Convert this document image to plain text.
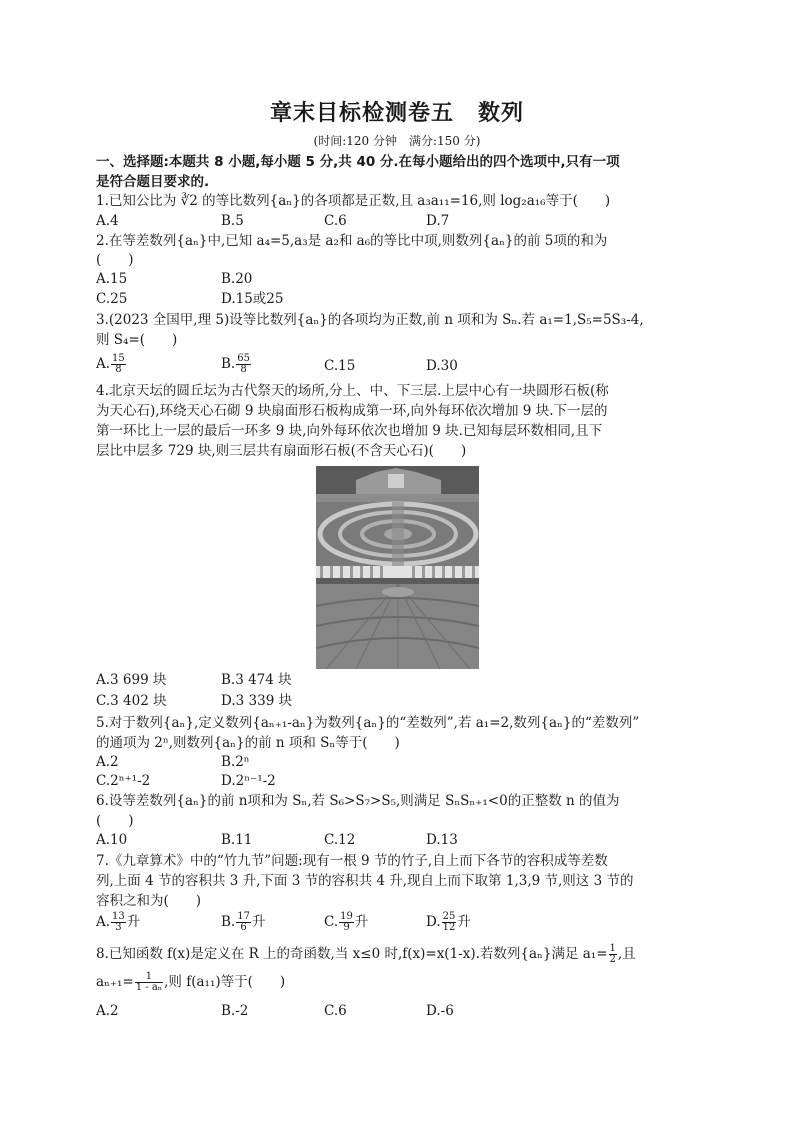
章末目标检测卷五 数列
(时间:120 分钟　满分:150 分)
一、选择题:本题共 8 小题,每小题 5 分,共 40 分.在每小题给出的四个选项中,只有一项
是符合题目要求的.
1.已知公比为 ∛2 的等比数列{aₙ}的各项都是正数,且 a₃a₁₁=16,则 log₂a₁₆等于(　　)
A.4	B.5	C.6	D.7
2.在等差数列{aₙ}中,已知 a₄=5,a₃是 a₂和 a₆的等比中项,则数列{aₙ}的前 5项的和为
(　　)
A.15	B.20
C.25	D.15或25
3.(2023 全国甲,理 5)设等比数列{aₙ}的各项均为正数,前 n 项和为 Sₙ.若 a₁=1,S₅=5S₃-4,
则 S₄=(　　)
A. $\frac{15}{8}$	B. $\frac{65}{8}$	C.15	D.30
4.北京天坛的圆丘坛为古代祭天的场所,分上、中、下三层.上层中心有一块圆形石板(称
为天心石),环绕天心石砌 9 块扇面形石板构成第一环,向外每环依次增加 9 块.下一层的
第一环比上一层的最后一环多 9 块,向外每环依次也增加 9 块.已知每层环数相同,且下
层比中层多 729 块,则三层共有扇面形石板(不含天心石)(　　)
A.3 699 块	B.3 474 块
C.3 402 块	D.3 339 块
5.对于数列{aₙ},定义数列{aₙ₊₁-aₙ}为数列{aₙ}的“差数列”,若 a₁=2,数列{aₙ}的“差数列”
的通项为 2ⁿ,则数列{aₙ}的前 n 项和 Sₙ等于(　　)
A.2	B.2ⁿ
C.2ⁿ⁺¹-2	D.2ⁿ⁻¹-2
6.设等差数列{aₙ}的前 n项和为 Sₙ,若 S₆>S₇>S₅,则满足 SₙSₙ₊₁<0的正整数 n 的值为
(　　)
A.10	B.11	C.12	D.13
7.《九章算术》中的“竹九节”问题:现有一根 9 节的竹子,自上而下各节的容积成等差数
列,上面 4 节的容积共 3 升,下面 3 节的容积共 4 升,现自上而下取第 1,3,9 节,则这 3 节的
容积之和为(　　)
A. $\frac{13}{3}$ 升	B. $\frac{17}{6}$ 升	C. $\frac{19}{9}$ 升	D. $\frac{25}{12}$ 升
8.已知函数 f(x)是定义在 R 上的奇函数,当 x≤0 时,f(x)=x(1-x).若数列{aₙ}满足 $a_1= \frac{1}{2}$ ,且
$a_{n+1}= \frac{1}{\text{1 - aₙ}}$ ,则 f(a₁₁)等于(　　)
A.2	B.-2	C.6	D.-6
